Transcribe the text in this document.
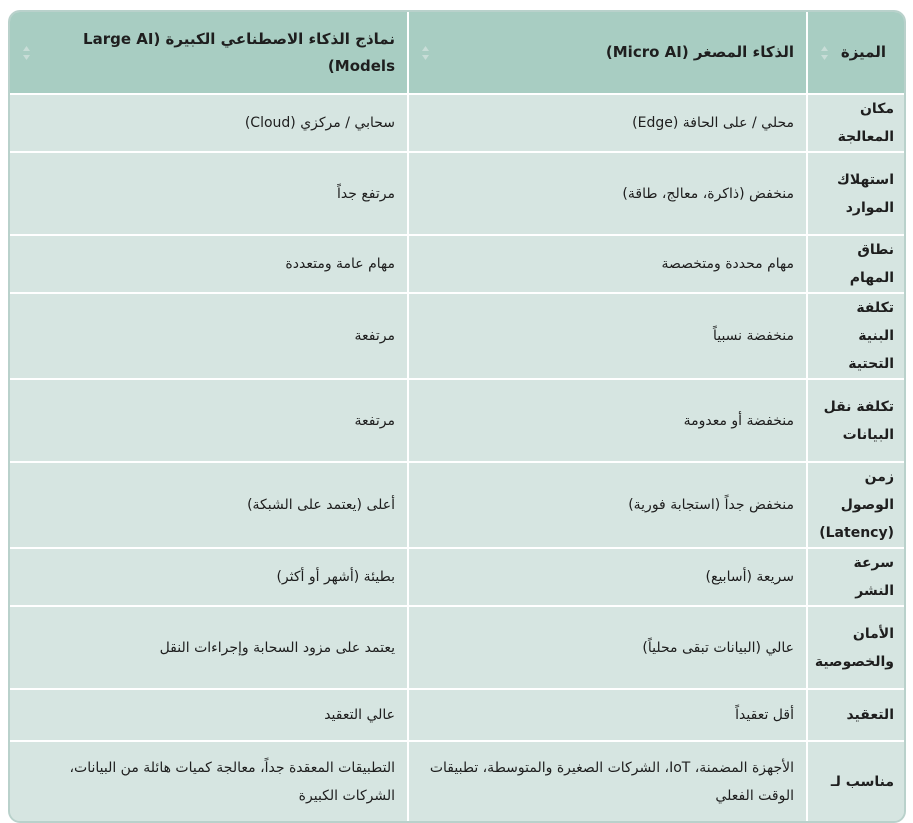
الميزة	الذكاء المصغر (Micro AI)	نماذج الذكاء الاصطناعي الكبيرة (Large AI Models)

مكان المعالجة	محلي / على الحافة (Edge)	سحابي / مركزي (Cloud)
استهلاك الموارد	منخفض (ذاكرة، معالج، طاقة)	مرتفع جداً
نطاق المهام	مهام محددة ومتخصصة	مهام عامة ومتعددة
تكلفة البنية التحتية	منخفضة نسبياً	مرتفعة
تكلفة نقل البيانات	منخفضة أو معدومة	مرتفعة
زمن الوصول (Latency)	منخفض جداً (استجابة فورية)	أعلى (يعتمد على الشبكة)
سرعة النشر	سريعة (أسابيع)	بطيئة (أشهر أو أكثر)
الأمان والخصوصية	عالي (البيانات تبقى محلياً)	يعتمد على مزود السحابة وإجراءات النقل
التعقيد	أقل تعقيداً	عالي التعقيد
مناسب لـ	الأجهزة المضمنة، IoT، الشركات الصغيرة والمتوسطة، تطبيقات الوقت الفعلي	التطبيقات المعقدة جداً، معالجة كميات هائلة من البيانات، الشركات الكبيرة
